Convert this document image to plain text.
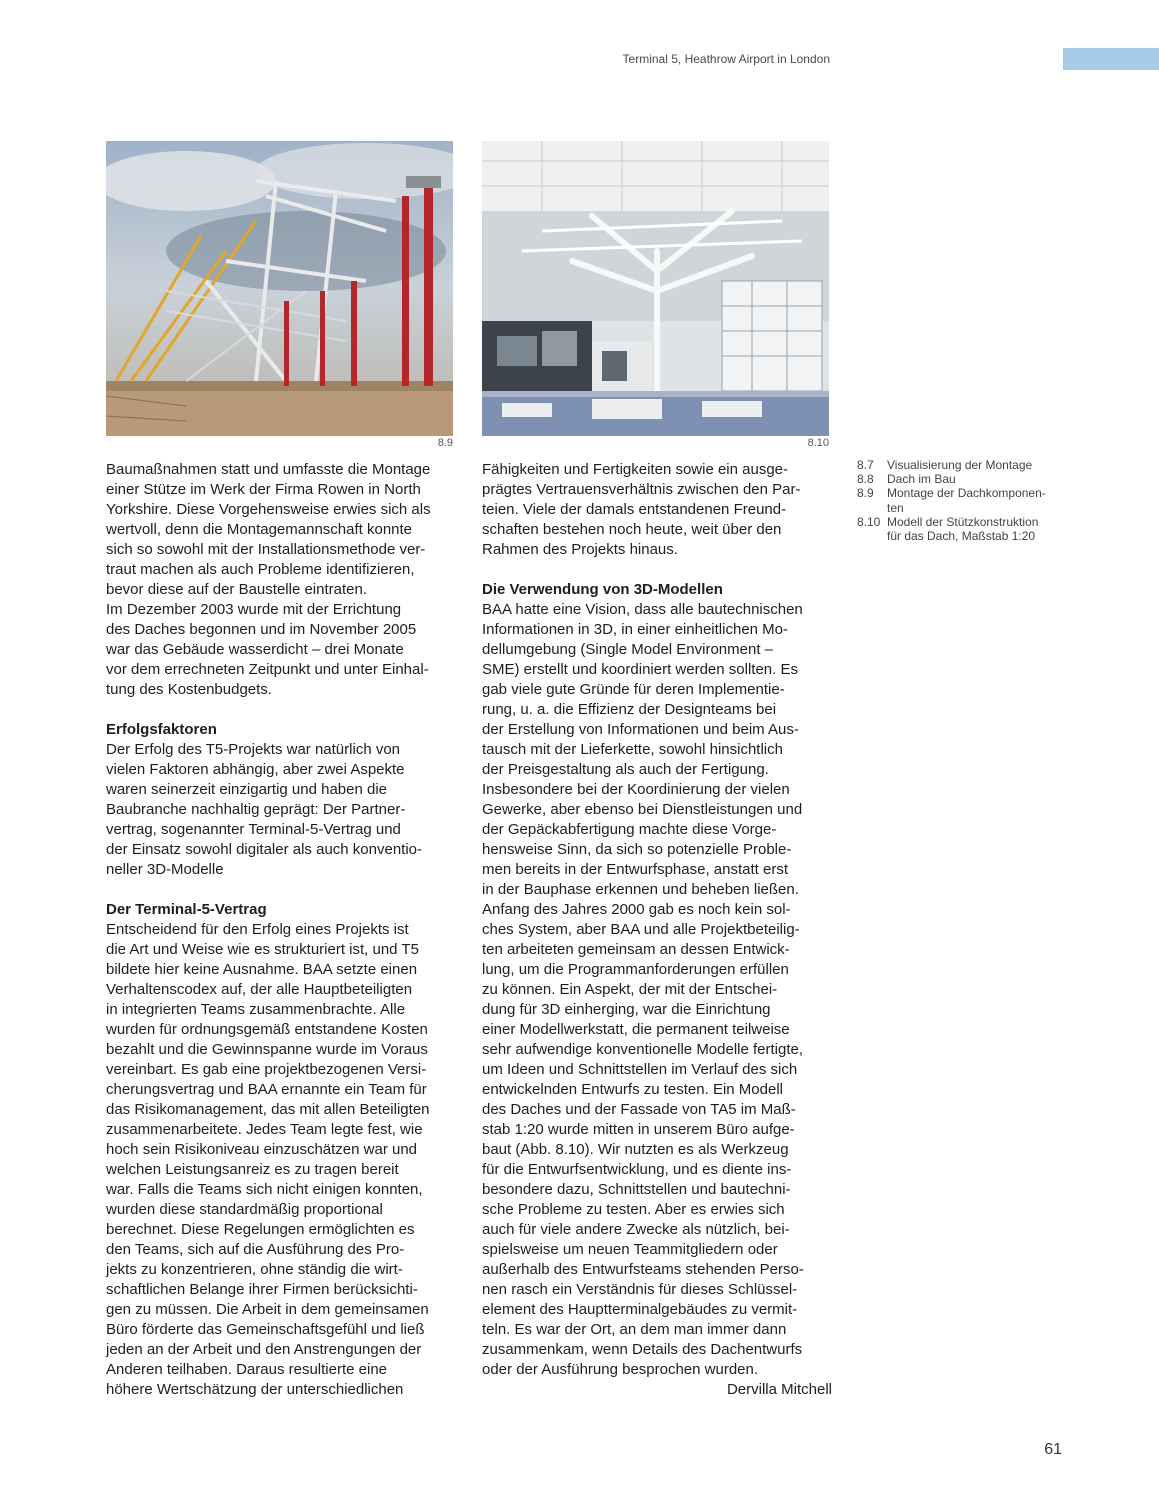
Terminal 5, Heathrow Airport in London
8.9	8.10

Baumaßnahmen statt und umfasste die Montage
einer Stütze im Werk der Firma Rowen in North
Yorkshire. Diese Vorgehensweise erwies sich als
wertvoll, denn die Montagemannschaft konnte
sich so sowohl mit der Installationsmethode ver-
traut machen als auch Probleme identifizieren,
bevor diese auf der Baustelle eintraten.
Im Dezember 2003 wurde mit der Errichtung
des Daches begonnen und im November 2005
war das Gebäude wasserdicht – drei Monate
vor dem errechneten Zeitpunkt und unter Einhal-
tung des Kostenbudgets.

Erfolgsfaktoren

Der Erfolg des T5-Projekts war natürlich von
vielen Faktoren abhängig, aber zwei Aspekte
waren seinerzeit einzigartig und haben die
Baubranche nachhaltig geprägt: Der Partner-
vertrag, sogenannter Terminal-5-Vertrag und
der Einsatz sowohl digitaler als auch konventio-
neller 3D-Modelle

Der Terminal-5-Vertrag

Entscheidend für den Erfolg eines Projekts ist
die Art und Weise wie es strukturiert ist, und T5
bildete hier keine Ausnahme. BAA setzte einen
Verhaltenscodex auf, der alle Hauptbeteiligten
in integrierten Teams zusammenbrachte. Alle
wurden für ordnungsgemäß entstandene Kosten
bezahlt und die Gewinnspanne wurde im Voraus
vereinbart. Es gab eine projektbezogenen Versi-
cherungsvertrag und BAA ernannte ein Team für
das Risikomanagement, das mit allen Beteiligten
zusammenarbeitete. Jedes Team legte fest, wie
hoch sein Risikoniveau einzuschätzen war und
welchen Leistungsanreiz es zu tragen bereit
war. Falls die Teams sich nicht einigen konnten,
wurden diese standardmäßig proportional
berechnet. Diese Regelungen ermöglichten es
den Teams, sich auf die Ausführung des Pro-
jekts zu konzentrieren, ohne ständig die wirt-
schaftlichen Belange ihrer Firmen berücksichti-
gen zu müssen. Die Arbeit in dem gemeinsamen
Büro förderte das Gemeinschaftsgefühl und ließ
jeden an der Arbeit und den Anstrengungen der
Anderen teilhaben. Daraus resultierte eine
höhere Wertschätzung der unterschiedlichen

Fähigkeiten und Fertigkeiten sowie ein ausge-
prägtes Vertrauensverhältnis zwischen den Par-
teien. Viele der damals entstandenen Freund-
schaften bestehen noch heute, weit über den
Rahmen des Projekts hinaus.

Die Verwendung von 3D-Modellen

BAA hatte eine Vision, dass alle bautechnischen
Informationen in 3D, in einer einheitlichen Mo-
dellumgebung (Single Model Environment –
SME) erstellt und koordiniert werden sollten. Es
gab viele gute Gründe für deren Implementie-
rung, u. a. die Effizienz der Designteams bei
der Erstellung von Informationen und beim Aus-
tausch mit der Lieferkette, sowohl hinsichtlich
der Preisgestaltung als auch der Fertigung.
Insbesondere bei der Koordinierung der vielen
Gewerke, aber ebenso bei Dienstleistungen und
der Gepäckabfertigung machte diese Vorge-
hensweise Sinn, da sich so potenzielle Proble-
men bereits in der Entwurfsphase, anstatt erst
in der Bauphase erkennen und beheben ließen.
Anfang des Jahres 2000 gab es noch kein sol-
ches System, aber BAA und alle Projektbeteilig-
ten arbeiteten gemeinsam an dessen Entwick-
lung, um die Programmanforderungen erfüllen
zu können. Ein Aspekt, der mit der Entschei-
dung für 3D einherging, war die Einrichtung
einer Modellwerkstatt, die permanent teilweise
sehr aufwendige konventionelle Modelle fertigte,
um Ideen und Schnittstellen im Verlauf des sich
entwickelnden Entwurfs zu testen. Ein Modell
des Daches und der Fassade von TA5 im Maß-
stab 1:20 wurde mitten in unserem Büro aufge-
baut (Abb. 8.10). Wir nutzten es als Werkzeug
für die Entwurfsentwicklung, und es diente ins-
besondere dazu, Schnittstellen und bautechni-
sche Probleme zu testen. Aber es erwies sich
auch für viele andere Zwecke als nützlich, bei-
spielsweise um neuen Teammitgliedern oder
außerhalb des Entwurfsteams stehenden Perso-
nen rasch ein Verständnis für dieses Schlüssel-
element des Hauptterminalgebäudes zu vermit-
teln. Es war der Ort, an dem man immer dann
zusammenkam, wenn Details des Dachentwurfs
oder der Ausführung besprochen wurden.

Dervilla Mitchell
8.7	Visualisierung der Montage
8.8	Dach im Bau
8.9	Montage der Dachkomponen-
ten
8.10 Modell der Stützkonstruktion
für das Dach, Maßstab 1:20
61
